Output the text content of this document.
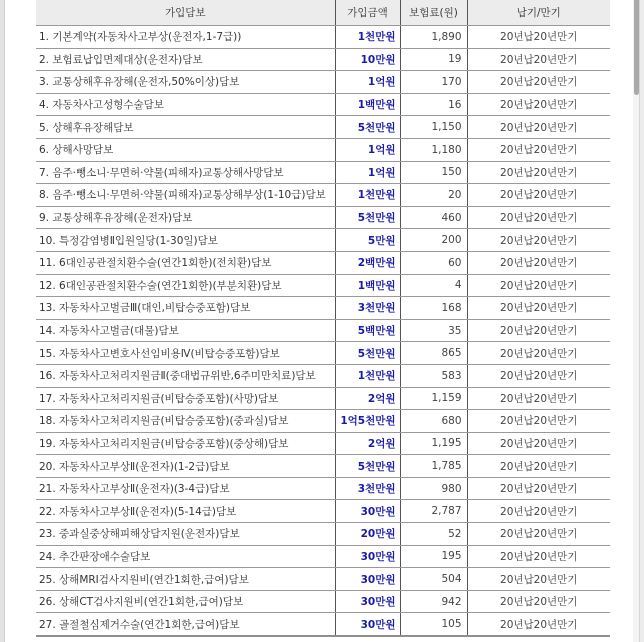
가입담보	가입금액	보험료(원)	납기/만기
1. 기본계약(자동차사고부상(운전자,1-7급))	1천만원	1,890	20년납20년만기
2. 보험료납입면제대상(운전자)담보	10만원	19	20년납20년만기
3. 교통상해후유장해(운전자,50%이상)담보	1억원	170	20년납20년만기
4. 자동차사고성형수술담보	1백만원	16	20년납20년만기
5. 상해후유장해담보	5천만원	1,150	20년납20년만기
6. 상해사망담보	1억원	1,180	20년납20년만기
7. 음주·뺑소니·무면허·약물(피해자)교통상해사망담보	1억원	150	20년납20년만기
8. 음주·뺑소니·무면허·약물(피해자)교통상해부상(1-10급)담보	1천만원	20	20년납20년만기
9. 교통상해후유장해(운전자)담보	5천만원	460	20년납20년만기
10. 특정감염병Ⅱ입원일당(1-30일)담보	5만원	200	20년납20년만기
11. 6대인공관절치환수술(연간1회한)(전치환)담보	2백만원	60	20년납20년만기
12. 6대인공관절치환수술(연간1회한)(부분치환)담보	1백만원	4	20년납20년만기
13. 자동차사고벌금Ⅲ(대인,비탑승중포함)담보	3천만원	168	20년납20년만기
14. 자동차사고벌금(대물)담보	5백만원	35	20년납20년만기
15. 자동차사고변호사선임비용Ⅳ(비탑승중포함)담보	5천만원	865	20년납20년만기
16. 자동차사고처리지원금Ⅱ(중대법규위반,6주미만치료)담보	1천만원	583	20년납20년만기
17. 자동차사고처리지원금(비탑승중포함)(사망)담보	2억원	1,159	20년납20년만기
18. 자동차사고처리지원금(비탑승중포함)(중과실)담보	1억5천만원	680	20년납20년만기
19. 자동차사고처리지원금(비탑승중포함)(중상해)담보	2억원	1,195	20년납20년만기
20. 자동차사고부상Ⅱ(운전자)(1-2급)담보	5천만원	1,785	20년납20년만기
21. 자동차사고부상Ⅱ(운전자)(3-4급)담보	3천만원	980	20년납20년만기
22. 자동차사고부상Ⅱ(운전자)(5-14급)담보	30만원	2,787	20년납20년만기
23. 중과실중상해피해상담지원(운전자)담보	20만원	52	20년납20년만기
24. 추간판장애수술담보	30만원	195	20년납20년만기
25. 상해MRI검사지원비(연간1회한,급여)담보	30만원	504	20년납20년만기
26. 상해CT검사지원비(연간1회한,급여)담보	30만원	942	20년납20년만기
27. 골절철심제거수술(연간1회한,급여)담보	30만원	105	20년납20년만기
